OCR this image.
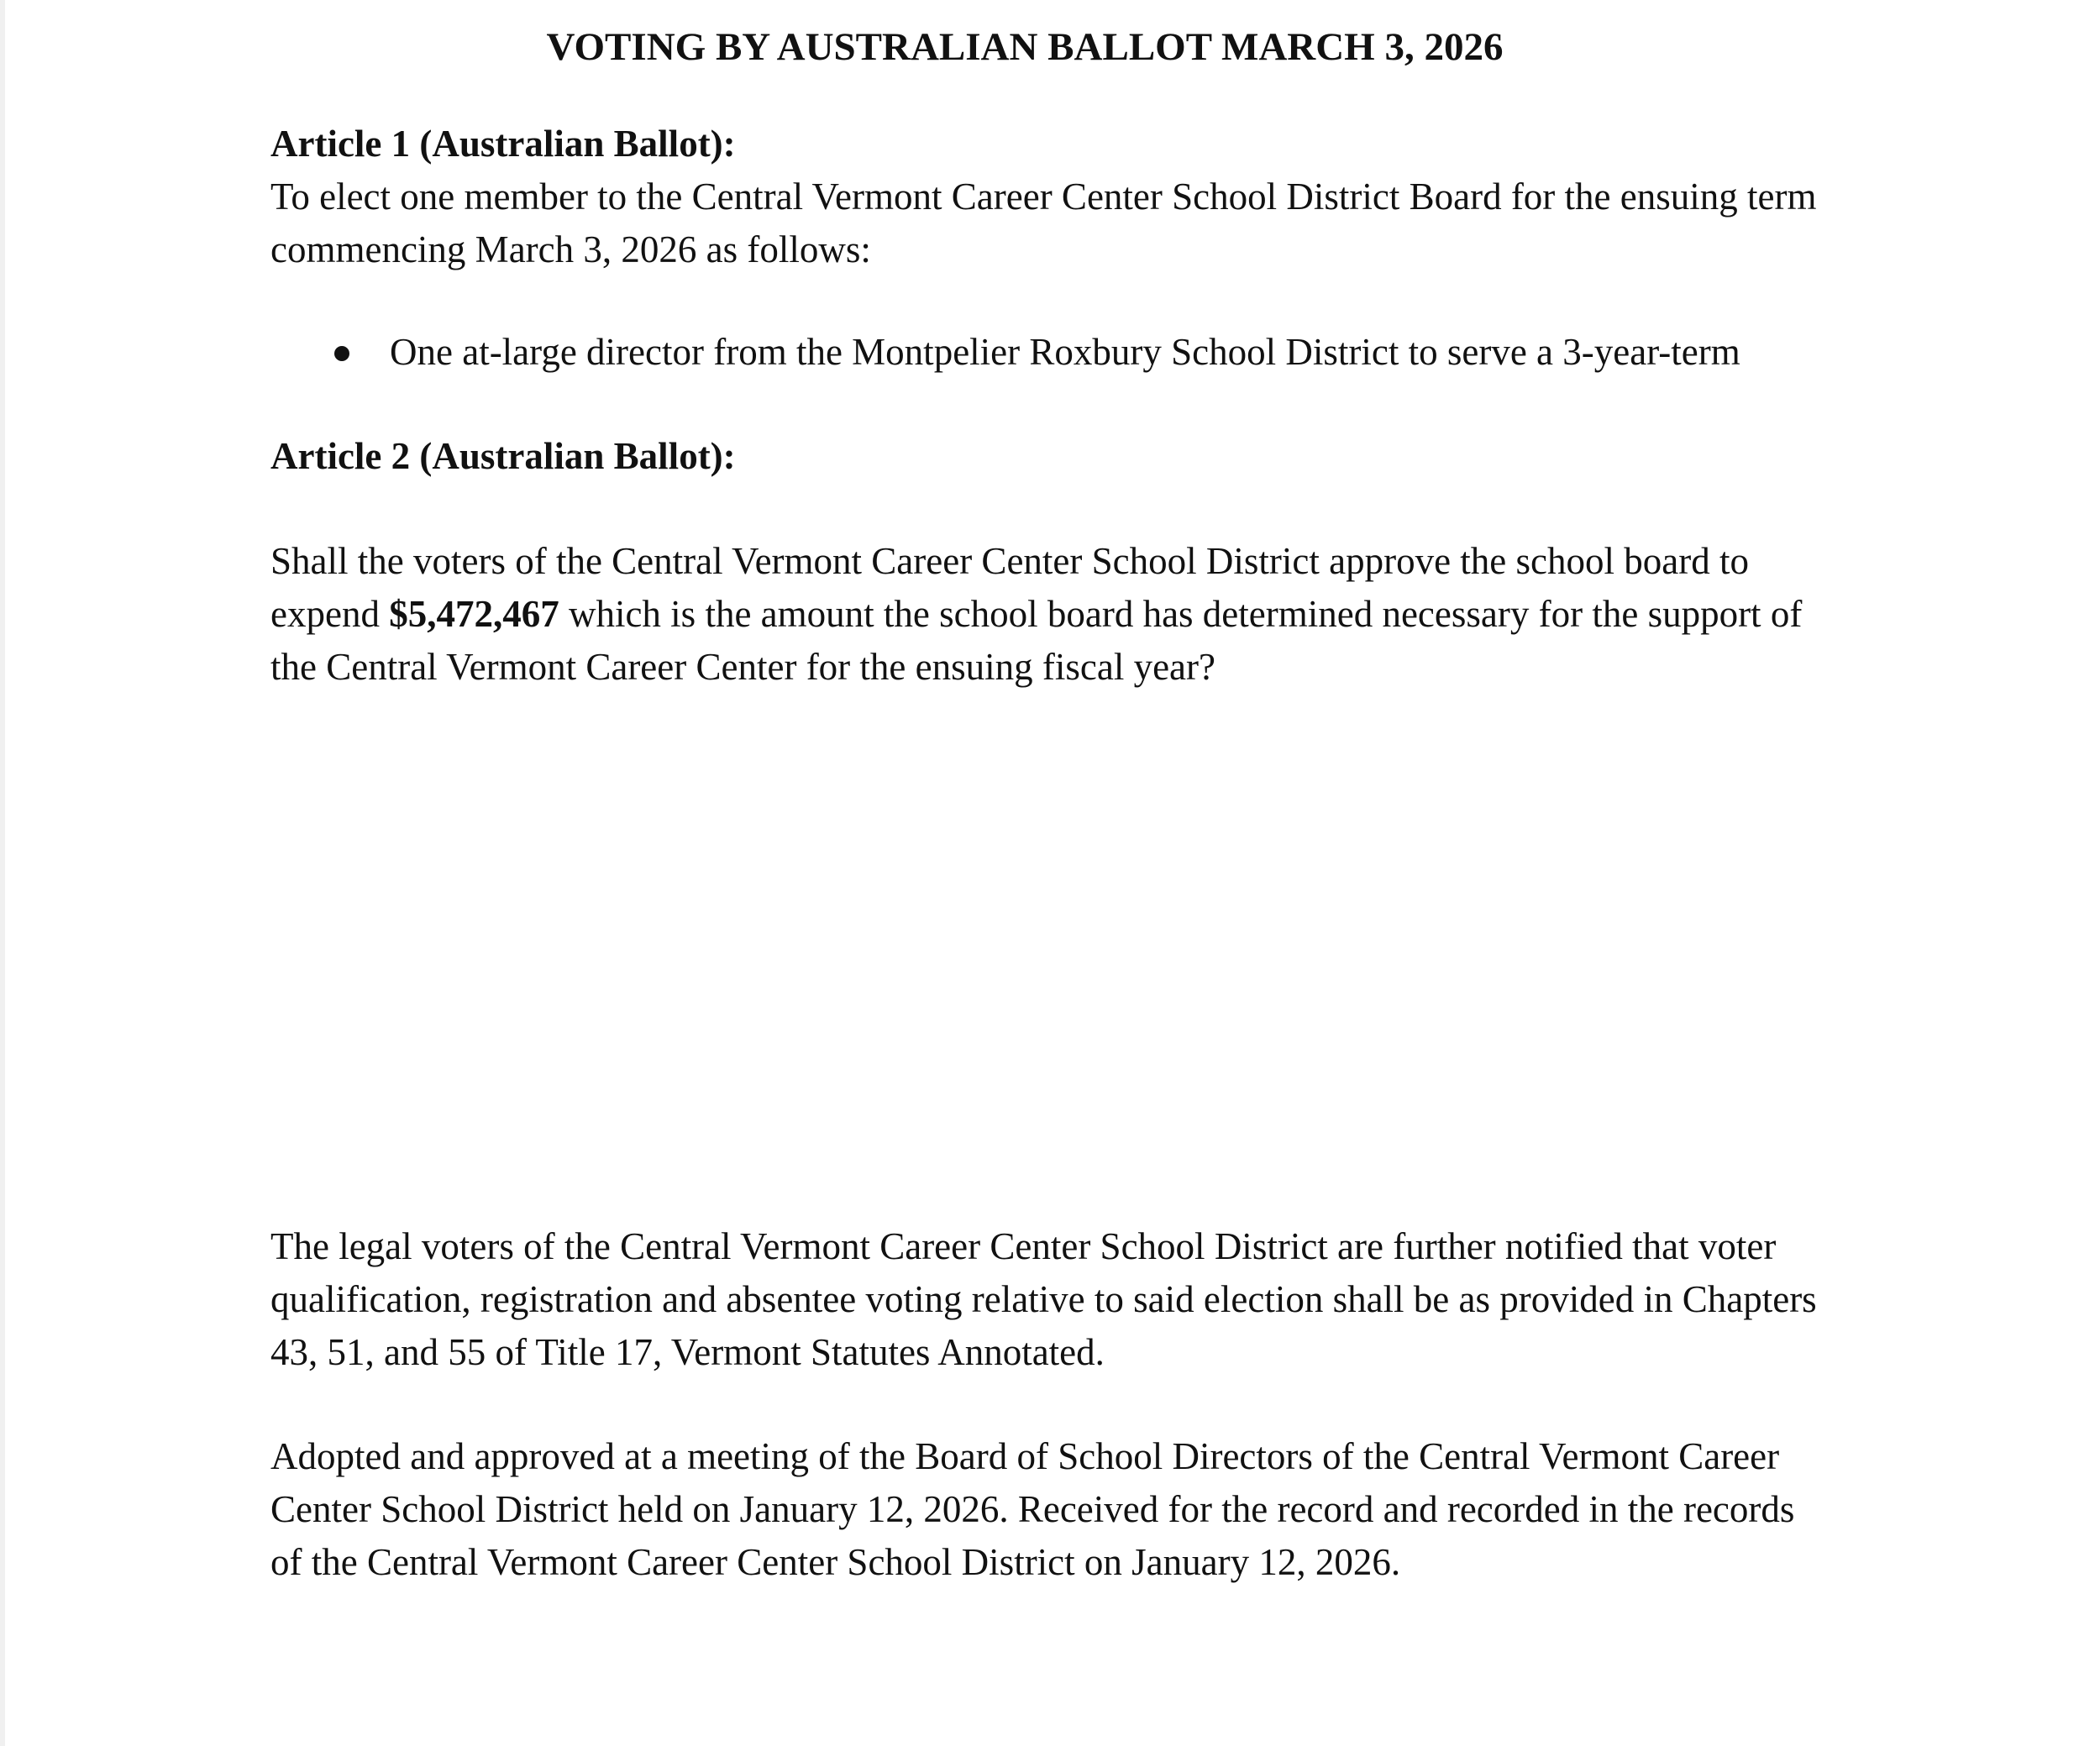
VOTING BY AUSTRALIAN BALLOT MARCH 3, 2026
Article 1 (Australian Ballot):

To elect one member to the Central Vermont Career Center School District Board for the ensuing term commencing March 3, 2026 as follows:

One at-large director from the Montpelier Roxbury School District to serve a 3-year-term
Article 2 (Australian Ballot):

Shall the voters of the Central Vermont Career Center School District approve the school board to expend $5,472,467 which is the amount the school board has determined necessary for the support of the Central Vermont Career Center for the ensuing fiscal year?

The legal voters of the Central Vermont Career Center School District are further notified that voter qualification, registration and absentee voting relative to said election shall be as provided in Chapters 43, 51, and 55 of Title 17, Vermont Statutes Annotated.

Adopted and approved at a meeting of the Board of School Directors of the Central Vermont Career Center School District held on January 12, 2026. Received for the record and recorded in the records of the Central Vermont Career Center School District on January 12, 2026.
